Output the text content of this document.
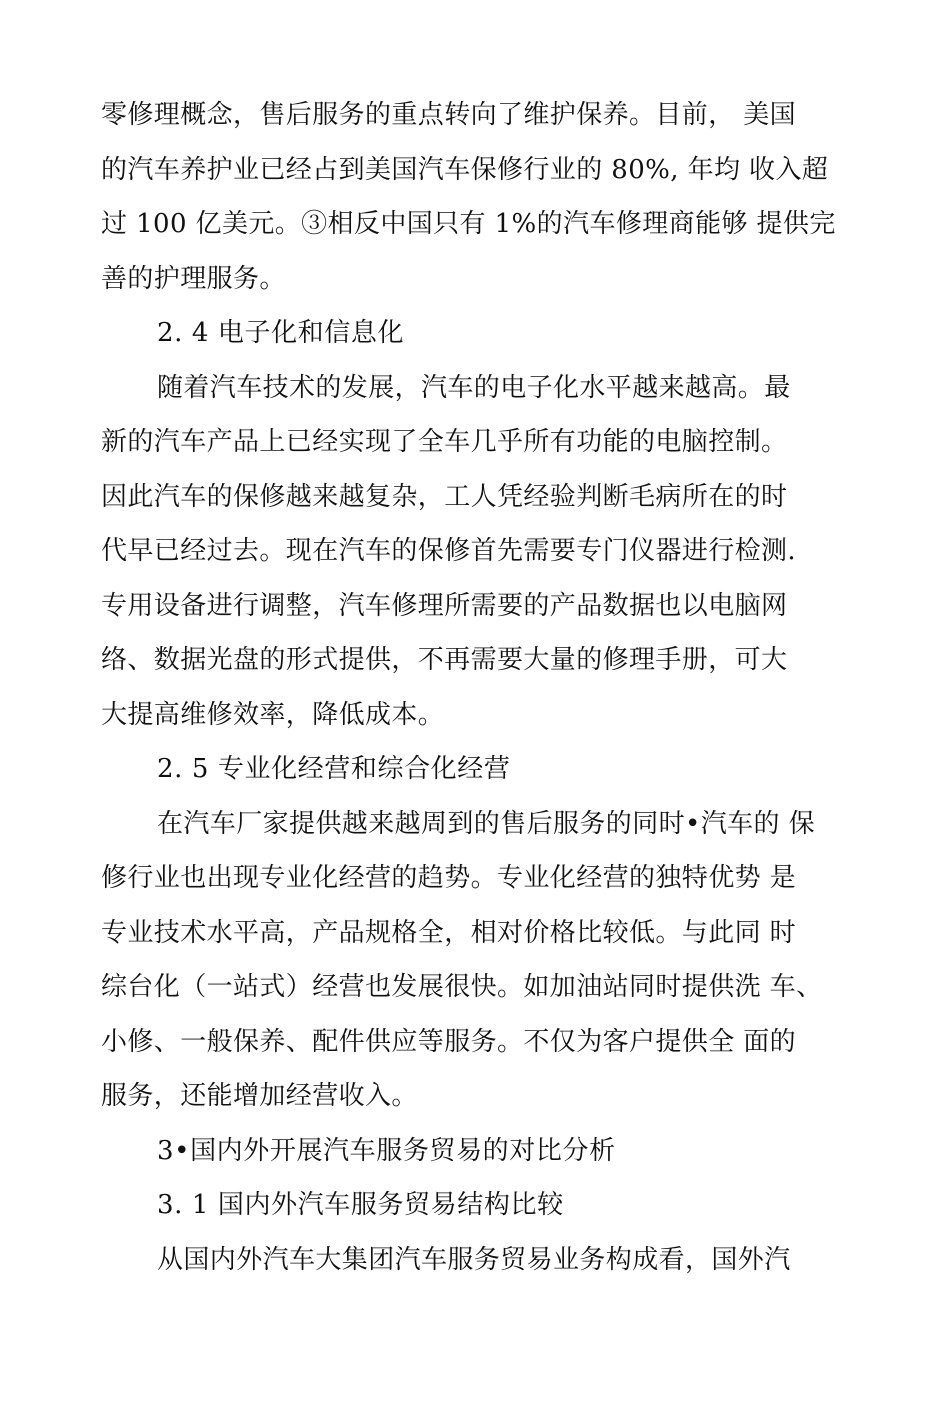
零修理概念，售后服务的重点转向了维护保养。目前， 美国
的汽车养护业已经占到美国汽车保修行业的 80%, 年均 收入超
过 100 亿美元。③相反中国只有 1%的汽车修理商能够 提供完
善的护理服务。
2. 4 电子化和信息化
随着汽车技术的发展，汽车的电子化水平越来越高。最
新的汽车产品上已经实现了全车几乎所有功能的电脑控制。
因此汽车的保修越来越复杂，工人凭经验判断毛病所在的时
代早已经过去。现在汽车的保修首先需要专门仪器进行检测.
专用设备进行调整，汽车修理所需要的产品数据也以电脑网
络、数据光盘的形式提供，不再需要大量的修理手册，可大
大提高维修效率，降低成本。
2. 5 专业化经营和综合化经营
在汽车厂家提供越来越周到的售后服务的同时•汽车的 保
修行业也出现专业化经营的趋势。专业化经营的独特优势 是
专业技术水平高，产品规格全，相对价格比较低。与此同 时
综台化（一站式）经营也发展很快。如加油站同时提供洗 车、
小修、一般保养、配件供应等服务。不仅为客户提供全 面的
服务，还能增加经营收入。
3•国内外开展汽车服务贸易的对比分析
3. 1 国内外汽车服务贸易结构比较
从国内外汽车大集团汽车服务贸易业务构成看，国外汽
